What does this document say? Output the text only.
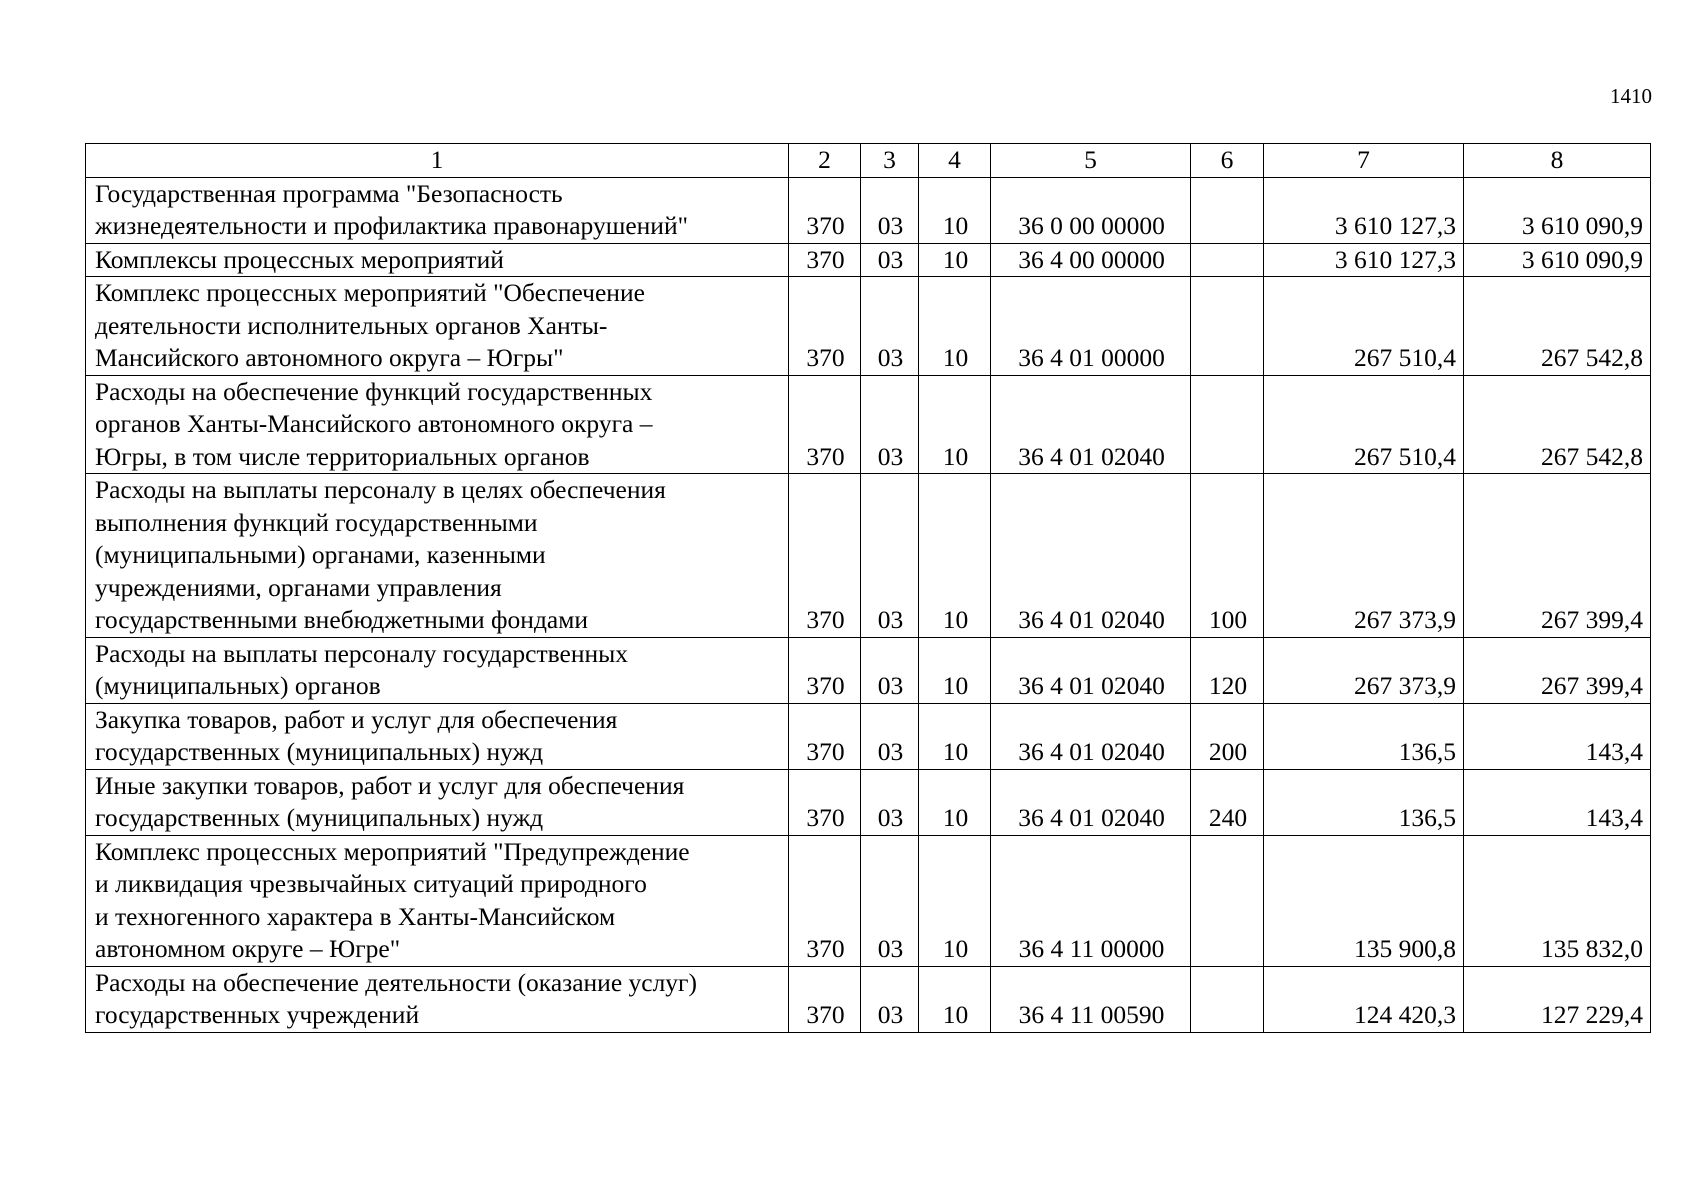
1410
1	2	3	4	5	6	7	8
Государственная программа "Безопасность
жизнедеятельности и профилактика правонарушений"	370	03	10	36 0 00 00000		3 610 127,3	3 610 090,9
Комплексы процессных мероприятий	370	03	10	36 4 00 00000		3 610 127,3	3 610 090,9
Комплекс процессных мероприятий "Обеспечение
деятельности исполнительных органов Ханты-
Мансийского автономного округа – Югры"	370	03	10	36 4 01 00000		267 510,4	267 542,8
Расходы на обеспечение функций государственных
органов Ханты-Мансийского автономного округа –
Югры, в том числе территориальных органов	370	03	10	36 4 01 02040		267 510,4	267 542,8
Расходы на выплаты персоналу в целях обеспечения
выполнения функций государственными
(муниципальными) органами, казенными
учреждениями, органами управления
государственными внебюджетными фондами	370	03	10	36 4 01 02040	100	267 373,9	267 399,4
Расходы на выплаты персоналу государственных
(муниципальных) органов	370	03	10	36 4 01 02040	120	267 373,9	267 399,4
Закупка товаров, работ и услуг для обеспечения
государственных (муниципальных) нужд	370	03	10	36 4 01 02040	200	136,5	143,4
Иные закупки товаров, работ и услуг для обеспечения
государственных (муниципальных) нужд	370	03	10	36 4 01 02040	240	136,5	143,4
Комплекс процессных мероприятий "Предупреждение
и ликвидация чрезвычайных ситуаций природного
и техногенного характера в Ханты-Мансийском
автономном округе – Югре"	370	03	10	36 4 11 00000		135 900,8	135 832,0
Расходы на обеспечение деятельности (оказание услуг)
государственных учреждений	370	03	10	36 4 11 00590		124 420,3	127 229,4
